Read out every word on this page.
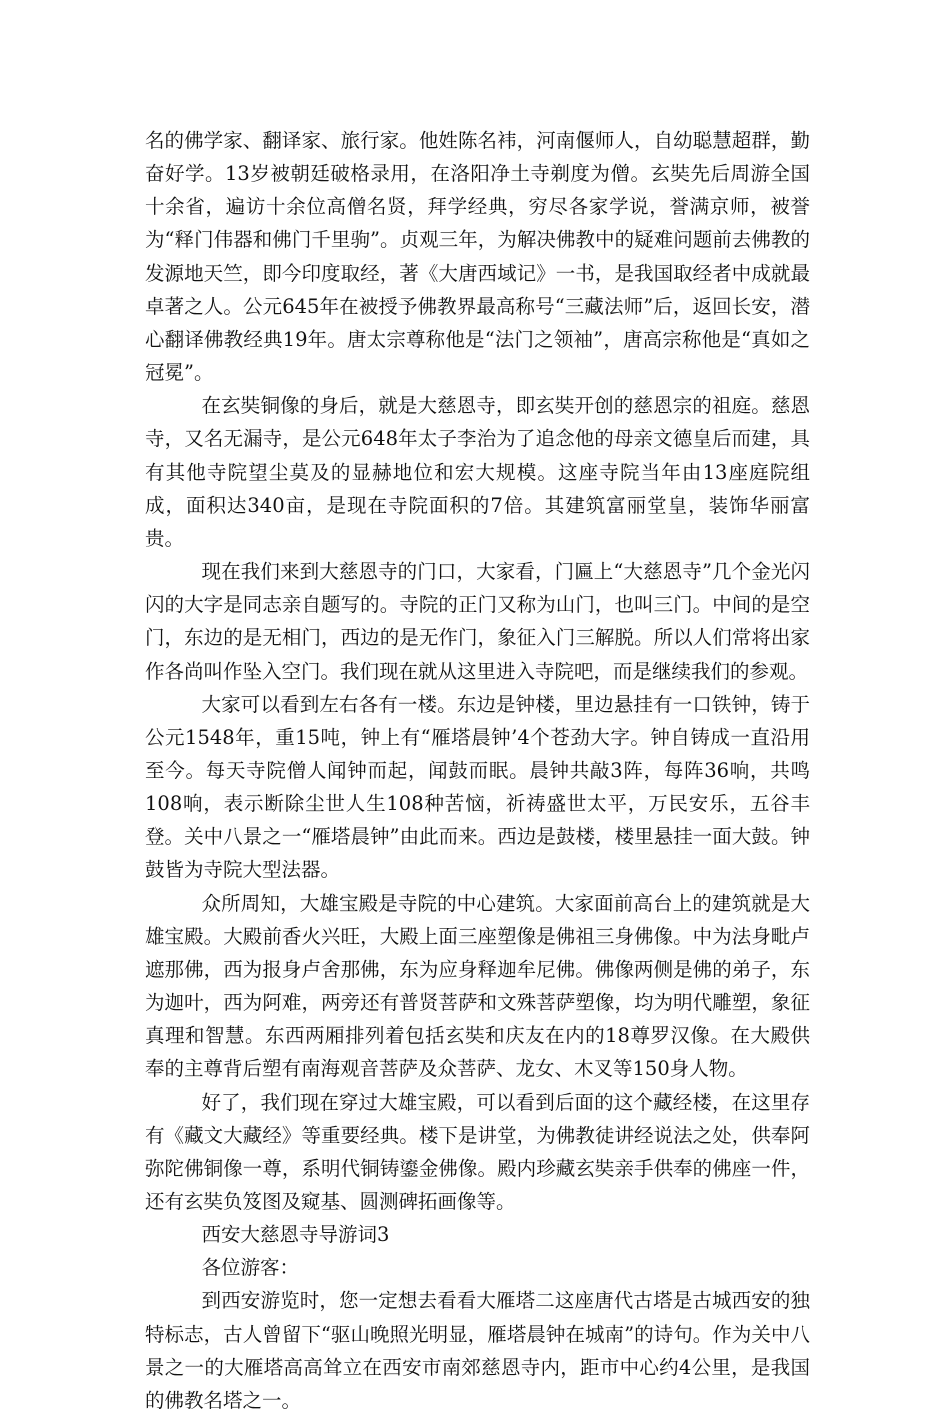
名的佛学家、翻译家、旅行家。他姓陈名袆，河南偃师人，自幼聪慧超群，勤奋好学。13岁被朝廷破格录用，在洛阳净土寺剃度为僧。玄奘先后周游全国十余省，遍访十余位高僧名贤，拜学经典，穷尽各家学说，誉满京师，被誉为“释门伟器和佛门千里驹”。贞观三年，为解决佛教中的疑难问题前去佛教的发源地天竺，即今印度取经，著《大唐西域记》一书，是我国取经者中成就最卓著之人。公元645年在被授予佛教界最高称号“三藏法师”后，返回长安，潜心翻译佛教经典19年。唐太宗尊称他是“法门之领袖”，唐高宗称他是“真如之冠冕”。

在玄奘铜像的身后，就是大慈恩寺，即玄奘开创的慈恩宗的祖庭。慈恩寺，又名无漏寺，是公元648年太子李治为了追念他的母亲文德皇后而建，具有其他寺院望尘莫及的显赫地位和宏大规模。这座寺院当年由13座庭院组成，面积达340亩，是现在寺院面积的7倍。其建筑富丽堂皇，装饰华丽富贵。

现在我们来到大慈恩寺的门口，大家看，门匾上“大慈恩寺”几个金光闪闪的大字是同志亲自题写的。寺院的正门又称为山门，也叫三门。中间的是空门，东边的是无相门，西边的是无作门，象征入门三解脱。所以人们常将出家作各尚叫作坠入空门。我们现在就从这里进入寺院吧，而是继续我们的参观。

大家可以看到左右各有一楼。东边是钟楼，里边悬挂有一口铁钟，铸于公元1548年，重15吨，钟上有“雁塔晨钟’4个苍劲大字。钟自铸成一直沿用至今。每天寺院僧人闻钟而起，闻鼓而眠。晨钟共敲3阵，每阵36响，共鸣108响，表示断除尘世人生108种苦恼，祈祷盛世太平，万民安乐，五谷丰登。关中八景之一“雁塔晨钟”由此而来。西边是鼓楼，楼里悬挂一面大鼓。钟鼓皆为寺院大型法器。

众所周知，大雄宝殿是寺院的中心建筑。大家面前高台上的建筑就是大雄宝殿。大殿前香火兴旺，大殿上面三座塑像是佛祖三身佛像。中为法身毗卢遮那佛，西为报身卢舍那佛，东为应身释迦牟尼佛。佛像两侧是佛的弟子，东为迦叶，西为阿难，两旁还有普贤菩萨和文殊菩萨塑像，均为明代雕塑，象征真理和智慧。东西两厢排列着包括玄奘和庆友在内的18尊罗汉像。在大殿供奉的主尊背后塑有南海观音菩萨及众菩萨、龙女、木叉等150身人物。

好了，我们现在穿过大雄宝殿，可以看到后面的这个藏经楼，在这里存有《藏文大藏经》等重要经典。楼下是讲堂，为佛教徒讲经说法之处，供奉阿弥陀佛铜像一尊，系明代铜铸鎏金佛像。殿内珍藏玄奘亲手供奉的佛座一件，还有玄奘负笈图及窥基、圆测碑拓画像等。

西安大慈恩寺导游词3

各位游客：

到西安游览时，您一定想去看看大雁塔二这座唐代古塔是古城西安的独特标志，古人曾留下“驱山晚照光明显，雁塔晨钟在城南”的诗句。作为关中八景之一的大雁塔高高耸立在西安市南郊慈恩寺内，距市中心约4公里，是我国的佛教名塔之一。
